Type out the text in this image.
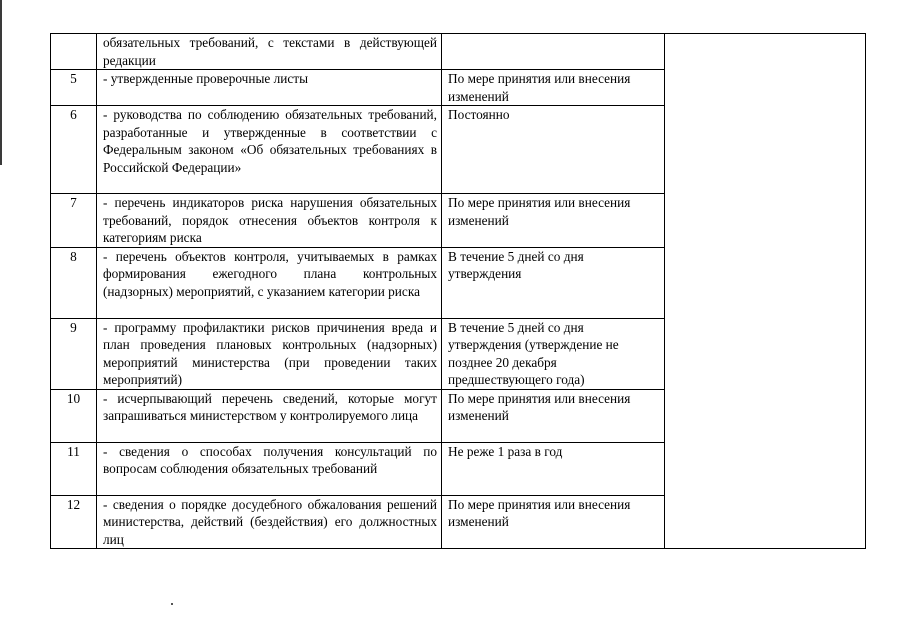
	обязательных требований, с текстами в действующей редакции		
5	- утвержденные проверочные листы	По мере принятия или внесения изменений	
6	- руководства по соблюдению обязательных требований, разработанные и утвержденные в соответствии с Федеральным законом «Об обязательных требованиях в Российской Федерации»	Постоянно	
7	- перечень индикаторов риска нарушения обязательных требований, порядок отнесения объектов контроля к категориям риска	По мере принятия или внесения изменений	
8	- перечень объектов контроля, учитываемых в рамках формирования ежегодного плана контрольных (надзорных) мероприятий, с указанием категории риска	В течение 5 дней со дня утверждения	
9	- программу профилактики рисков причинения вреда и план проведения плановых контрольных (надзорных) мероприятий министерства (при проведении таких мероприятий)	В течение 5 дней со дня утверждения (утверждение не позднее 20 декабря предшествующего года)	
10	- исчерпывающий перечень сведений, которые могут запрашиваться министерством у контролируемого лица	По мере принятия или внесения изменений	
11	- сведения о способах получения консультаций по вопросам соблюдения обязательных требований	Не реже 1 раза в год	
12	- сведения о порядке досудебного обжалования решений министерства, действий (бездействия) его должностных лиц	По мере принятия или внесения изменений	
